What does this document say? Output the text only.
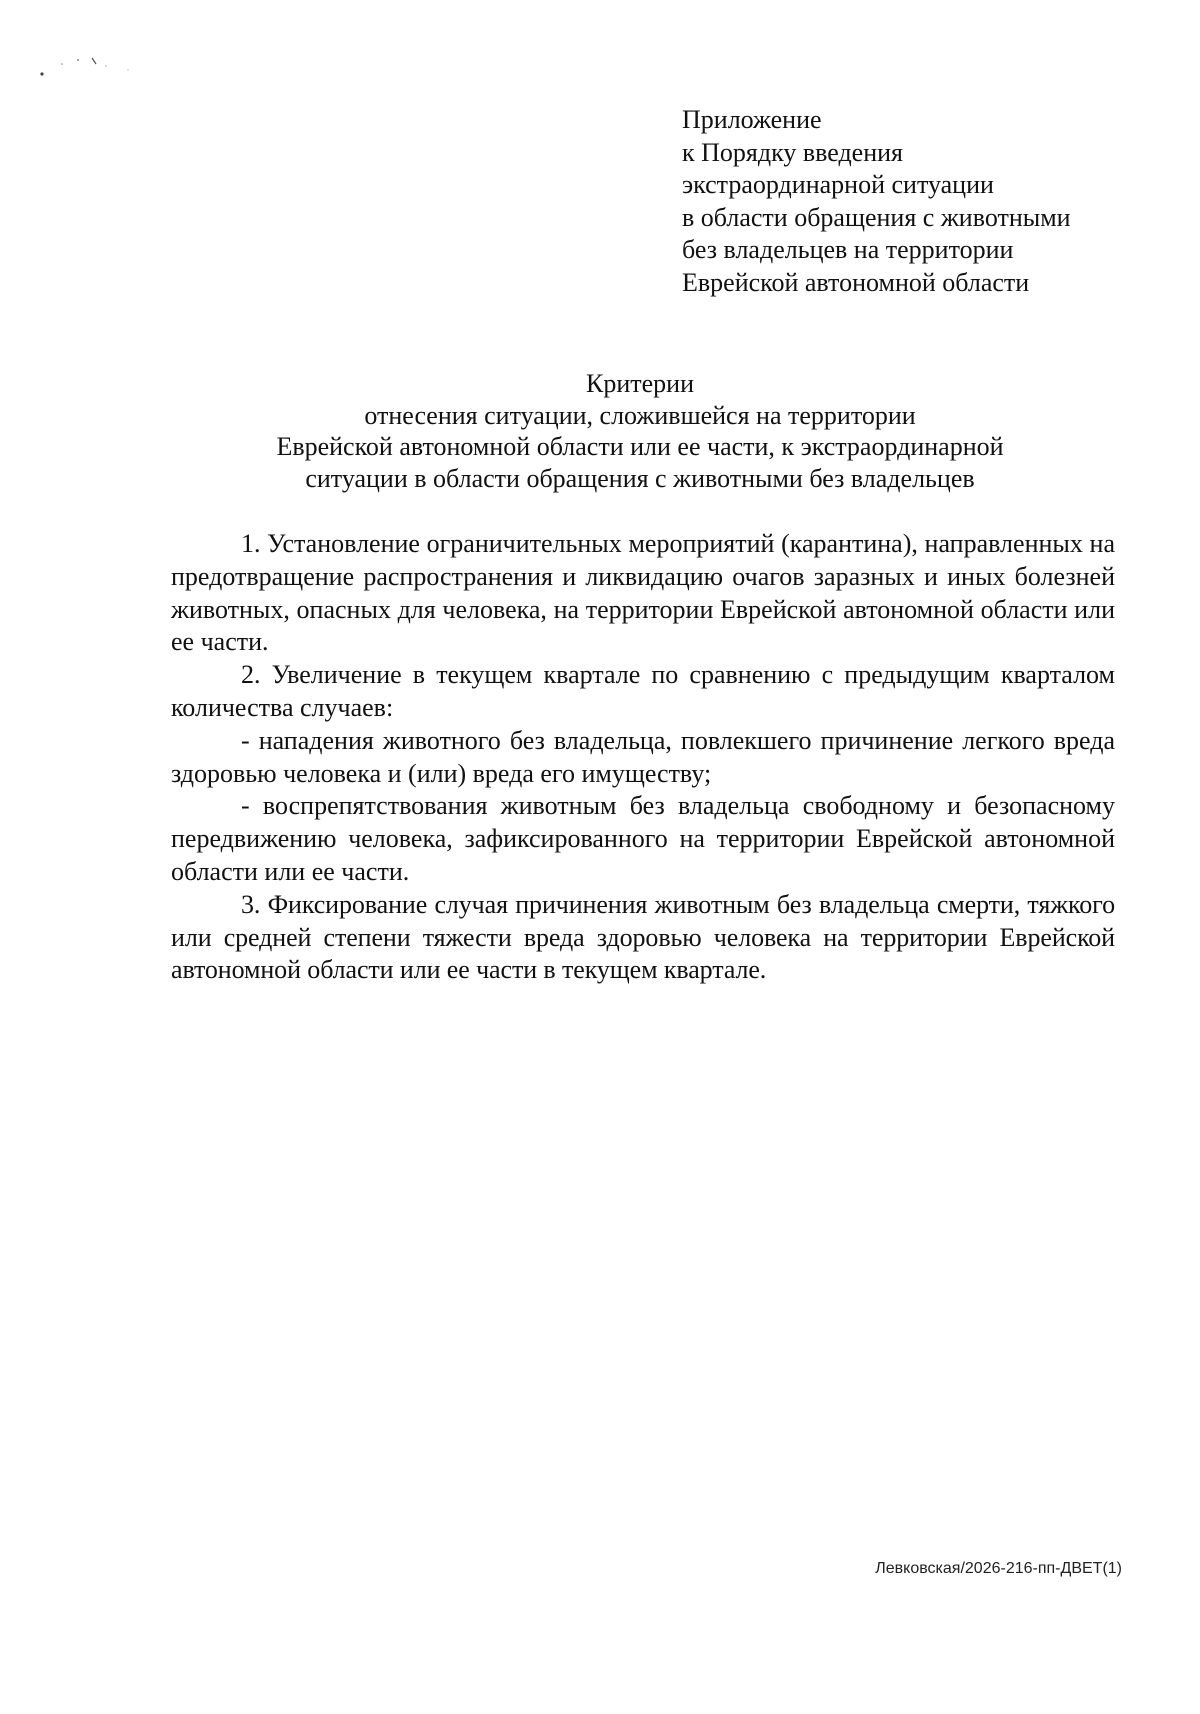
Приложение
к Порядку введения
экстраординарной ситуации
в области обращения с животными
без владельцев на территории
Еврейской автономной области
Критерии
отнесения ситуации, сложившейся на территории
Еврейской автономной области или ее части, к экстраординарной
ситуации в области обращения с животными без владельцев

1. Установление ограничительных мероприятий (карантина), направленных на предотвращение распространения и ликвидацию очагов заразных и иных болезней животных, опасных для человека, на территории Еврейской автономной области или ее части.

2. Увеличение в текущем квартале по сравнению с предыдущим кварталом количества случаев:

- нападения животного без владельца, повлекшего причинение легкого вреда здоровью человека и (или) вреда его имуществу;

- воспрепятствования животным без владельца свободному и безопасному передвижению человека, зафиксированного на территории Еврейской автономной области или ее части.

3. Фиксирование случая причинения животным без владельца смерти, тяжкого или средней степени тяжести вреда здоровью человека на территории Еврейской автономной области или ее части в текущем квартале.

Левковская/2026-216-пп-ДВЕТ(1)
